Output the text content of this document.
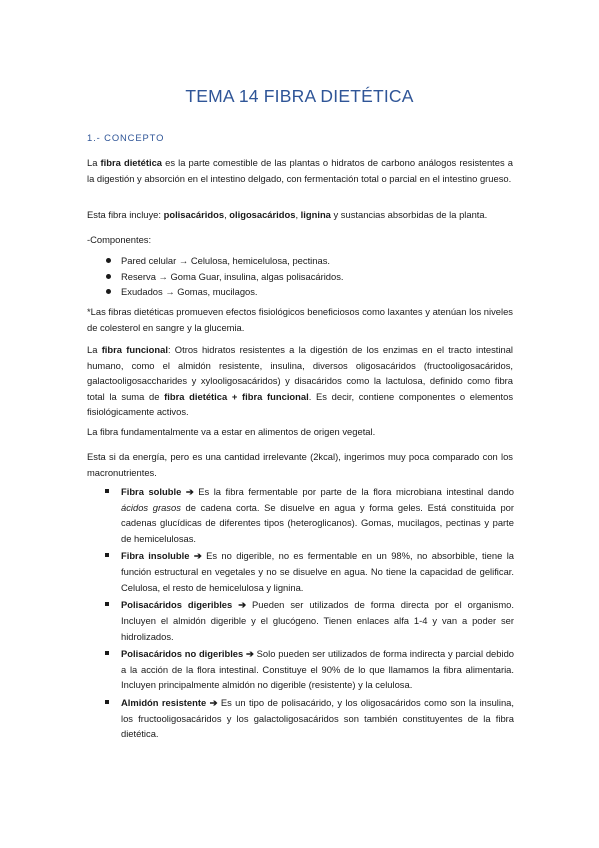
TEMA 14 FIBRA DIETÉTICA
1.- CONCEPTO
La fibra dietética es la parte comestible de las plantas o hidratos de carbono análogos resistentes a la digestión y absorción en el intestino delgado, con fermentación total o parcial en el intestino grueso.
Esta fibra incluye: polisacáridos, oligosacáridos, lignina y sustancias absorbidas de la planta.
-Componentes:
Pared celular → Celulosa, hemicelulosa, pectinas.
Reserva → Goma Guar, insulina, algas polisacáridos.
Exudados → Gomas, mucilagos.
*Las fibras dietéticas promueven efectos fisiológicos beneficiosos como laxantes y atenúan los niveles de colesterol en sangre y la glucemia.
La fibra funcional: Otros hidratos resistentes a la digestión de los enzimas en el tracto intestinal humano, como el almidón resistente, insulina, diversos oligosacáridos (fructooligosacáridos, galactooligosaccharides y xylooligosacáridos) y disacáridos como la lactulosa, definido como fibra total la suma de fibra dietética + fibra funcional. Es decir, contiene componentes o elementos fisiológicamente activos.
La fibra fundamentalmente va a estar en alimentos de origen vegetal.
Esta si da energía, pero es una cantidad irrelevante (2kcal), ingerimos muy poca comparado con los macronutrientes.
Fibra soluble ➔ Es la fibra fermentable por parte de la flora microbiana intestinal dando ácidos grasos de cadena corta. Se disuelve en agua y forma geles. Está constituida por cadenas glucídicas de diferentes tipos (heteroglicanos). Gomas, mucilagos, pectinas y parte de hemicelulosas.
Fibra insoluble ➔ Es no digerible, no es fermentable en un 98%, no absorbible, tiene la función estructural en vegetales y no se disuelve en agua. No tiene la capacidad de gelificar. Celulosa, el resto de hemicelulosa y lignina.
Polisacáridos digeribles ➔ Pueden ser utilizados de forma directa por el organismo. Incluyen el almidón digerible y el glucógeno. Tienen enlaces alfa 1-4 y van a poder ser hidrolizados.
Polisacáridos no digeribles ➔ Solo pueden ser utilizados de forma indirecta y parcial debido a la acción de la flora intestinal. Constituye el 90% de lo que llamamos la fibra alimentaria. Incluyen principalmente almidón no digerible (resistente) y la celulosa.
Almidón resistente ➔ Es un tipo de polisacárido, y los oligosacáridos como son la insulina, los fructooligosacáridos y los galactoligosacáridos son también constituyentes de la fibra dietética.
